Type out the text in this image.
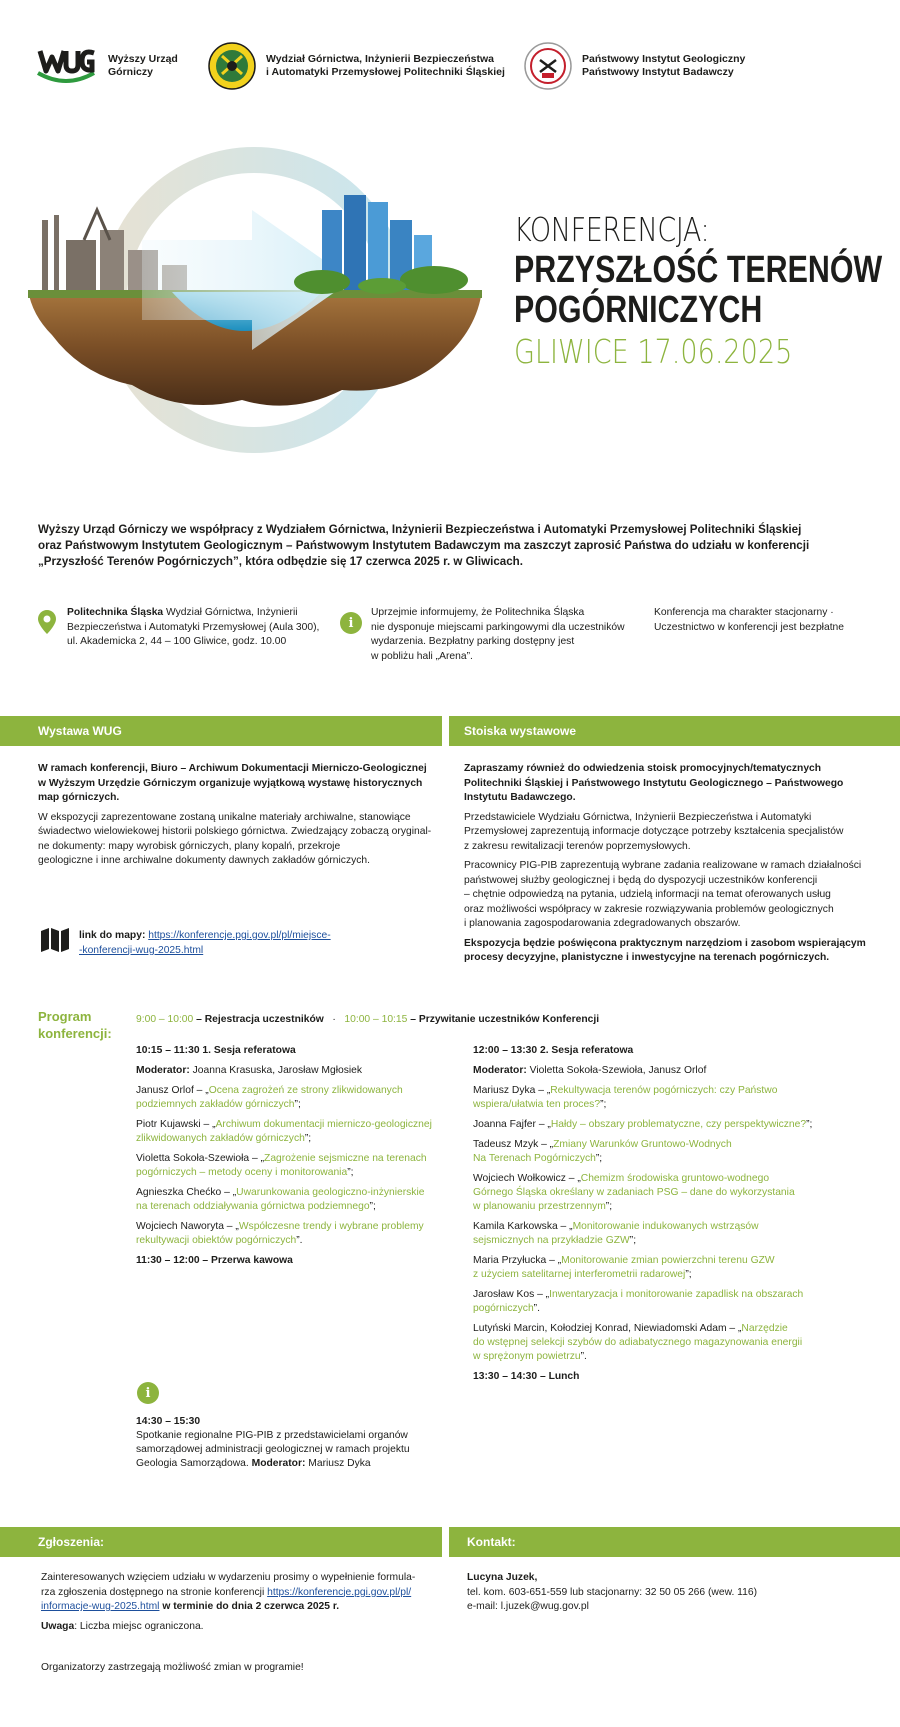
Wyższy Urząd
Górniczy
Wydział Górnictwa, Inżynierii Bezpieczeństwa
i Automatyki Przemysłowej Politechniki Śląskiej
Państwowy Instytut Geologiczny
Państwowy Instytut Badawczy
KONFERENCJA:
PRZYSZŁOŚĆ TERENÓW
POGÓRNICZYCH
GLIWICE 17.06.2025
Wyższy Urząd Górniczy we współpracy z Wydziałem Górnictwa, Inżynierii Bezpieczeństwa i Automatyki Przemysłowej Politechniki Śląskiej
oraz Państwowym Instytutem Geologicznym – Państwowym Instytutem Badawczym ma zaszczyt zaprosić Państwa do udziału w konferencji
„Przyszłość Terenów Pogórniczych”, która odbędzie się 17 czerwca 2025 r. w Gliwicach.
Politechnika Śląska Wydział Górnictwa, Inżynierii
Bezpieczeństwa i Automatyki Przemysłowej (Aula 300),
ul. Akademicka 2, 44 – 100 Gliwice, godz. 10.00
i
Uprzejmie informujemy, że Politechnika Śląska
nie dysponuje miejscami parkingowymi dla uczestników
wydarzenia. Bezpłatny parking dostępny jest
w pobliżu hali „Arena”.
Konferencja ma charakter stacjonarny ·
Uczestnictwo w konferencji jest bezpłatne
Wystawa WUG	Stoiska wystawowe

W ramach konferencji, Biuro – Archiwum Dokumentacji Mierniczo-Geologicznej
w Wyższym Urzędzie Górniczym organizuje wyjątkową wystawę historycznych
map górniczych.

W ekspozycji zaprezentowane zostaną unikalne materiały archiwalne, stanowiące
świadectwo wielowiekowej historii polskiego górnictwa. Zwiedzający zobaczą oryginal-
ne dokumenty: mapy wyrobisk górniczych, plany kopalń, przekroje
geologiczne i inne archiwalne dokumenty dawnych zakładów górniczych.

link do mapy: https://konferencje.pgi.gov.pl/pl/miejsce-
-konferencji-wug-2025.html

Zapraszamy również do odwiedzenia stoisk promocyjnych/tematycznych
Politechniki Śląskiej i Państwowego Instytutu Geologicznego – Państwowego
Instytutu Badawczego.

Przedstawiciele Wydziału Górnictwa, Inżynierii Bezpieczeństwa i Automatyki
Przemysłowej zaprezentują informacje dotyczące potrzeby kształcenia specjalistów
z zakresu rewitalizacji terenów poprzemysłowych.

Pracownicy PIG-PIB zaprezentują wybrane zadania realizowane w ramach działalności
państwowej służby geologicznej i będą do dyspozycji uczestników konferencji
– chętnie odpowiedzą na pytania, udzielą informacji na temat oferowanych usług
oraz możliwości współpracy w zakresie rozwiązywania problemów geologicznych
i planowania zagospodarowania zdegradowanych obszarów.

Ekspozycja będzie poświęcona praktycznym narzędziom i zasobom wspierającym
procesy decyzyjne, planistyczne i inwestycyjne na terenach pogórniczych.

Program
konferencji:
9:00 – 10:00 – Rejestracja uczestników · 10:00 – 10:15 – Przywitanie uczestników Konferencji
10:15 – 11:30 1. Sesja referatowa
Moderator: Joanna Krasuska, Jarosław Mgłosiek
Janusz Orlof – „Ocena zagrożeń ze strony zlikwidowanych
podziemnych zakładów górniczych”;
Piotr Kujawski – „Archiwum dokumentacji mierniczo-geologicznej
zlikwidowanych zakładów górniczych”;
Violetta Sokoła-Szewioła – „Zagrożenie sejsmiczne na terenach
pogórniczych – metody oceny i monitorowania”;
Agnieszka Chećko – „Uwarunkowania geologiczno-inżynierskie
na terenach oddziaływania górnictwa podziemnego”;
Wojciech Naworyta – „Współczesne trendy i wybrane problemy
rekultywacji obiektów pogórniczych”.
11:30 – 12:00 – Przerwa kawowa
12:00 – 13:30 2. Sesja referatowa
Moderator: Violetta Sokoła-Szewioła, Janusz Orlof
Mariusz Dyka – „Rekultywacja terenów pogórniczych: czy Państwo
wspiera/ułatwia ten proces?”;
Joanna Fajfer – „Hałdy – obszary problematyczne, czy perspektywiczne?”;
Tadeusz Mzyk – „Zmiany Warunków Gruntowo-Wodnych
Na Terenach Pogórniczych”;
Wojciech Wołkowicz – „Chemizm środowiska gruntowo-wodnego
Górnego Śląska określany w zadaniach PSG – dane do wykorzystania
w planowaniu przestrzennym”;
Kamila Karkowska – „Monitorowanie indukowanych wstrząsów
sejsmicznych na przykładzie GZW”;
Maria Przyłucka – „Monitorowanie zmian powierzchni terenu GZW
z użyciem satelitarnej interferometrii radarowej”;
Jarosław Kos – „Inwentaryzacja i monitorowanie zapadlisk na obszarach
pogórniczych”.
Lutyński Marcin, Kołodziej Konrad, Niewiadomski Adam – „Narzędzie
do wstępnej selekcji szybów do adiabatycznego magazynowania energii
w sprężonym powietrzu”.
13:30 – 14:30 – Lunch
i
14:30 – 15:30
Spotkanie regionalne PIG-PIB z przedstawicielami organów
samorządowej administracji geologicznej w ramach projektu
Geologia Samorządowa. Moderator: Mariusz Dyka
Zgłoszenia:	Kontakt:

Zainteresowanych wzięciem udziału w wydarzeniu prosimy o wypełnienie formula-
rza zgłoszenia dostępnego na stronie konferencji https://konferencje.pgi.gov.pl/pl/
informacje-wug-2025.html w terminie do dnia 2 czerwca 2025 r.

Uwaga: Liczba miejsc ograniczona.

Organizatorzy zastrzegają możliwość zmian w programie!
Lucyna Juzek,
tel. kom. 603-651-559 lub stacjonarny: 32 50 05 266 (wew. 116)
e-mail: l.juzek@wug.gov.pl
